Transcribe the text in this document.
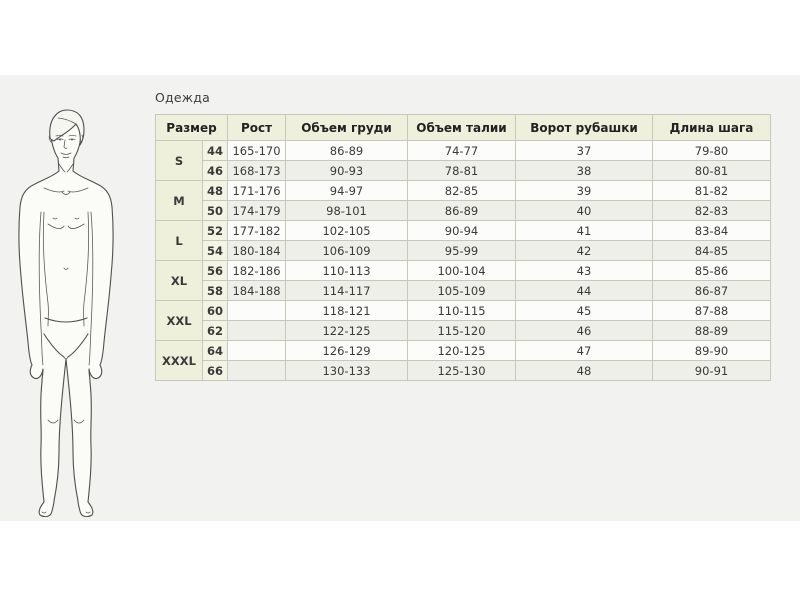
Одежда
Размер		Рост	Объем груди	Объем талии	Ворот рубашки	Длина шага
S	44	165-170	86-89	74-77	37	79-80
	46	168-173	90-93	78-81	38	80-81
M	48	171-176	94-97	82-85	39	81-82
	50	174-179	98-101	86-89	40	82-83
L	52	177-182	102-105	90-94	41	83-84
	54	180-184	106-109	95-99	42	84-85
XL	56	182-186	110-113	100-104	43	85-86
	58	184-188	114-117	105-109	44	86-87
XXL	60		118-121	110-115	45	87-88
	62		122-125	115-120	46	88-89
XXXL	64		126-129	120-125	47	89-90
	66		130-133	125-130	48	90-91
